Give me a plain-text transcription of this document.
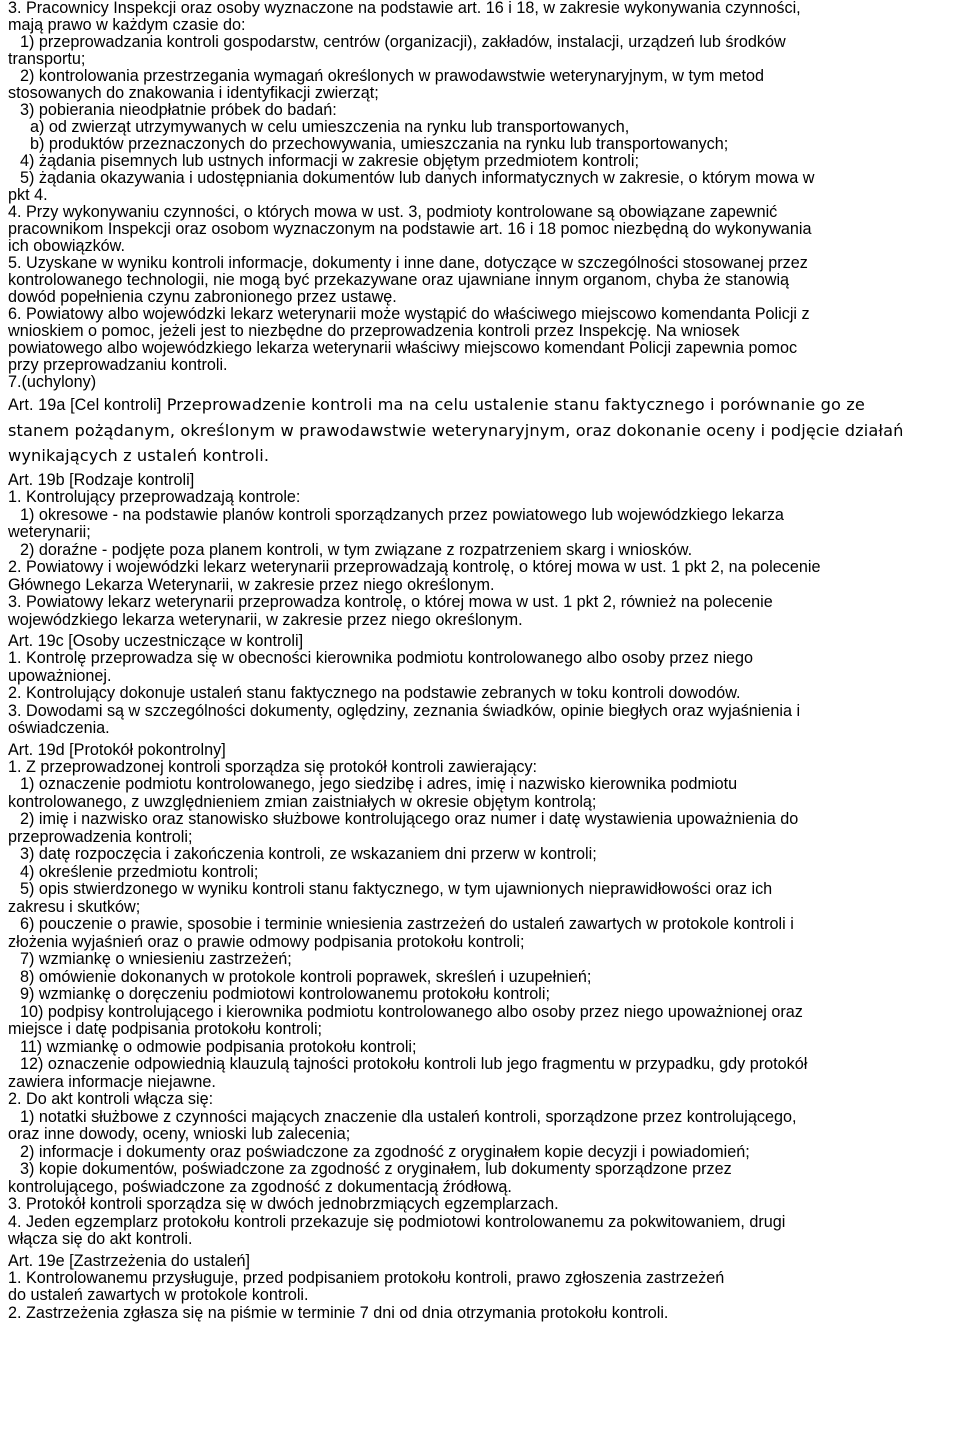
3. Pracownicy Inspekcji oraz osoby wyznaczone na podstawie art. 16 i 18, w zakresie wykonywania czynności,

mają prawo w każdym czasie do:

1) przeprowadzania kontroli gospodarstw, centrów (organizacji), zakładów, instalacji, urządzeń lub środków

transportu;

2) kontrolowania przestrzegania wymagań określonych w prawodawstwie weterynaryjnym, w tym metod

stosowanych do znakowania i identyfikacji zwierząt;

3) pobierania nieodpłatnie próbek do badań:

a) od zwierząt utrzymywanych w celu umieszczenia na rynku lub transportowanych,

b) produktów przeznaczonych do przechowywania, umieszczania na rynku lub transportowanych;

4) żądania pisemnych lub ustnych informacji w zakresie objętym przedmiotem kontroli;

5) żądania okazywania i udostępniania dokumentów lub danych informatycznych w zakresie, o którym mowa w

pkt 4.

4. Przy wykonywaniu czynności, o których mowa w ust. 3, podmioty kontrolowane są obowiązane zapewnić

pracownikom Inspekcji oraz osobom wyznaczonym na podstawie art. 16 i 18 pomoc niezbędną do wykonywania

ich obowiązków.

5. Uzyskane w wyniku kontroli informacje, dokumenty i inne dane, dotyczące w szczególności stosowanej przez

kontrolowanego technologii, nie mogą być przekazywane oraz ujawniane innym organom, chyba że stanowią

dowód popełnienia czynu zabronionego przez ustawę.

6. Powiatowy albo wojewódzki lekarz weterynarii może wystąpić do właściwego miejscowo komendanta Policji z

wnioskiem o pomoc, jeżeli jest to niezbędne do przeprowadzenia kontroli przez Inspekcję. Na wniosek

powiatowego albo wojewódzkiego lekarza weterynarii właściwy miejscowo komendant Policji zapewnia pomoc

przy przeprowadzaniu kontroli.

7.(uchylony)

Art. 19a [Cel kontroli] Przeprowadzenie kontroli ma na celu ustalenie stanu faktycznego i porównanie go ze

stanem pożądanym, określonym w prawodawstwie weterynaryjnym, oraz dokonanie oceny i podjęcie działań

wynikających z ustaleń kontroli.

Art. 19b [Rodzaje kontroli]

1. Kontrolujący przeprowadzają kontrole:

1) okresowe - na podstawie planów kontroli sporządzanych przez powiatowego lub wojewódzkiego lekarza

weterynarii;

2) doraźne - podjęte poza planem kontroli, w tym związane z rozpatrzeniem skarg i wniosków.

2. Powiatowy i wojewódzki lekarz weterynarii przeprowadzają kontrolę, o której mowa w ust. 1 pkt 2, na polecenie

Głównego Lekarza Weterynarii, w zakresie przez niego określonym.

3. Powiatowy lekarz weterynarii przeprowadza kontrolę, o której mowa w ust. 1 pkt 2, również na polecenie

wojewódzkiego lekarza weterynarii, w zakresie przez niego określonym.

Art. 19c [Osoby uczestniczące w kontroli]

1. Kontrolę przeprowadza się w obecności kierownika podmiotu kontrolowanego albo osoby przez niego

upoważnionej.

2. Kontrolujący dokonuje ustaleń stanu faktycznego na podstawie zebranych w toku kontroli dowodów.

3. Dowodami są w szczególności dokumenty, oględziny, zeznania świadków, opinie biegłych oraz wyjaśnienia i

oświadczenia.

Art. 19d [Protokół pokontrolny]

1. Z przeprowadzonej kontroli sporządza się protokół kontroli zawierający:

1) oznaczenie podmiotu kontrolowanego, jego siedzibę i adres, imię i nazwisko kierownika podmiotu

kontrolowanego, z uwzględnieniem zmian zaistniałych w okresie objętym kontrolą;

2) imię i nazwisko oraz stanowisko służbowe kontrolującego oraz numer i datę wystawienia upoważnienia do

przeprowadzenia kontroli;

3) datę rozpoczęcia i zakończenia kontroli, ze wskazaniem dni przerw w kontroli;

4) określenie przedmiotu kontroli;

5) opis stwierdzonego w wyniku kontroli stanu faktycznego, w tym ujawnionych nieprawidłowości oraz ich

zakresu i skutków;

6) pouczenie o prawie, sposobie i terminie wniesienia zastrzeżeń do ustaleń zawartych w protokole kontroli i

złożenia wyjaśnień oraz o prawie odmowy podpisania protokołu kontroli;

7) wzmiankę o wniesieniu zastrzeżeń;

8) omówienie dokonanych w protokole kontroli poprawek, skreśleń i uzupełnień;

9) wzmiankę o doręczeniu podmiotowi kontrolowanemu protokołu kontroli;

10) podpisy kontrolującego i kierownika podmiotu kontrolowanego albo osoby przez niego upoważnionej oraz

miejsce i datę podpisania protokołu kontroli;

11) wzmiankę o odmowie podpisania protokołu kontroli;

12) oznaczenie odpowiednią klauzulą tajności protokołu kontroli lub jego fragmentu w przypadku, gdy protokół

zawiera informacje niejawne.

2. Do akt kontroli włącza się:

1) notatki służbowe z czynności mających znaczenie dla ustaleń kontroli, sporządzone przez kontrolującego,

oraz inne dowody, oceny, wnioski lub zalecenia;

2) informacje i dokumenty oraz poświadczone za zgodność z oryginałem kopie decyzji i powiadomień;

3) kopie dokumentów, poświadczone za zgodność z oryginałem, lub dokumenty sporządzone przez

kontrolującego, poświadczone za zgodność z dokumentacją źródłową.

3. Protokół kontroli sporządza się w dwóch jednobrzmiących egzemplarzach.

4. Jeden egzemplarz protokołu kontroli przekazuje się podmiotowi kontrolowanemu za pokwitowaniem, drugi

włącza się do akt kontroli.

Art. 19e [Zastrzeżenia do ustaleń]

1. Kontrolowanemu przysługuje, przed podpisaniem protokołu kontroli, prawo zgłoszenia zastrzeżeń

do ustaleń zawartych w protokole kontroli.

2. Zastrzeżenia zgłasza się na piśmie w terminie 7 dni od dnia otrzymania protokołu kontroli.
